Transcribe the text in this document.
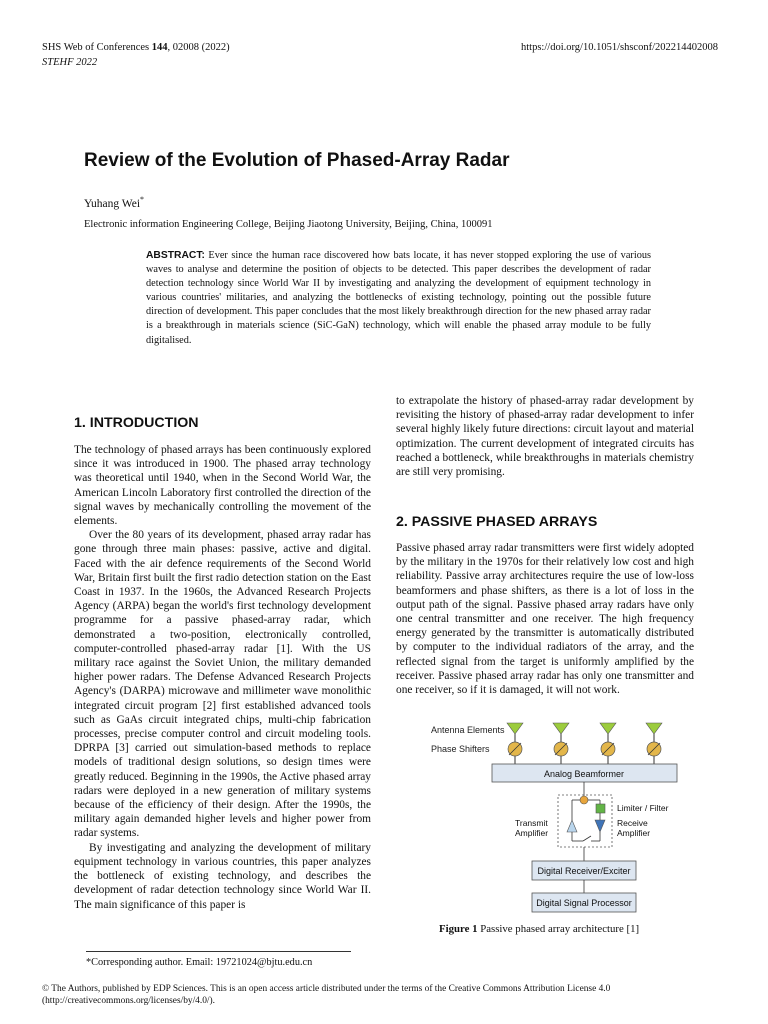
SHS Web of Conferences 144, 02008 (2022)	https://doi.org/10.1051/shsconf/202214402008
STEHF 2022
Review of the Evolution of Phased-Array Radar
Yuhang Wei*
Electronic information Engineering College, Beijing Jiaotong University, Beijing, China, 100091
ABSTRACT: Ever since the human race discovered how bats locate, it has never stopped exploring the use of various waves to analyse and determine the position of objects to be detected. This paper describes the development of radar detection technology since World War II by investigating and analyzing the development of equipment technology in various countries' militaries, and analyzing the bottlenecks of existing technology, pointing out the possible future direction of development. This paper concludes that the most likely breakthrough direction for the new phased array radar is a breakthrough in materials science (SiC-GaN) technology, which will enable the phased array module to be fully digitalised.
1. INTRODUCTION

The technology of phased arrays has been continuously explored since it was introduced in 1900. The phased array technology was theoretical until 1940, when in the Second World War, the American Lincoln Laboratory first controlled the direction of the signal waves by mechanically controlling the movement of the elements.

Over the 80 years of its development, phased array radar has gone through three main phases: passive, active and digital. Faced with the air defence requirements of the Second World War, Britain first built the first radio detection station on the East Coast in 1937. In the 1960s, the Advanced Research Projects Agency (ARPA) began the world's first technology development programme for a passive phased-array radar, which demonstrated a two-position, electronically controlled, computer-controlled phased-array radar [1]. With the US military race against the Soviet Union, the military demanded higher power radars. The Defense Advanced Research Projects Agency's (DARPA) microwave and millimeter wave monolithic integrated circuit program [2] first established advanced tools such as GaAs circuit integrated chips, multi-chip fabrication processes, precise computer control and circuit modeling tools. DPRPA [3] carried out simulation-based methods to replace models of traditional design solutions, so design times were greatly reduced. Beginning in the 1990s, the Active phased array radars were deployed in a new generation of military systems because of the efficiency of their design. After the 1990s, the military again demanded higher levels and higher power from radar systems.

By investigating and analyzing the development of military equipment technology in various countries, this paper analyzes the bottleneck of existing technology, and describes the development of radar detection technology since World War II. The main significance of this paper is

to extrapolate the history of phased-array radar development by revisiting the history of phased-array radar development to infer several highly likely future directions: circuit layout and material optimization. The current development of integrated circuits has reached a bottleneck, while breakthroughs in materials chemistry are still very promising.
2. PASSIVE PHASED ARRAYS
Passive phased array radar transmitters were first widely adopted by the military in the 1970s for their relatively low cost and high reliability. Passive array architectures require the use of low-loss beamformers and phase shifters, as there is a lot of loss in the output path of the signal. Passive phased array radars have only one central transmitter and one receiver. The high frequency energy generated by the transmitter is automatically distributed by computer to the individual radiators of the array, and the reflected signal from the target is uniformly amplified by the receiver. Passive phased array radar has only one transmitter and one receiver, so if it is damaged, it will not work.
Antenna Elements
Phase Shifters
Analog Beamformer
Limiter / Filter
Receive
Amplifier
Transmit
Amplifier
Digital Receiver/Exciter
Digital Signal Processor
Figure 1 Passive phased array architecture [1]
*Corresponding author. Email: 19721024@bjtu.edu.cn
© The Authors, published by EDP Sciences. This is an open access article distributed under the terms of the Creative Commons Attribution License 4.0 (http://creativecommons.org/licenses/by/4.0/).
